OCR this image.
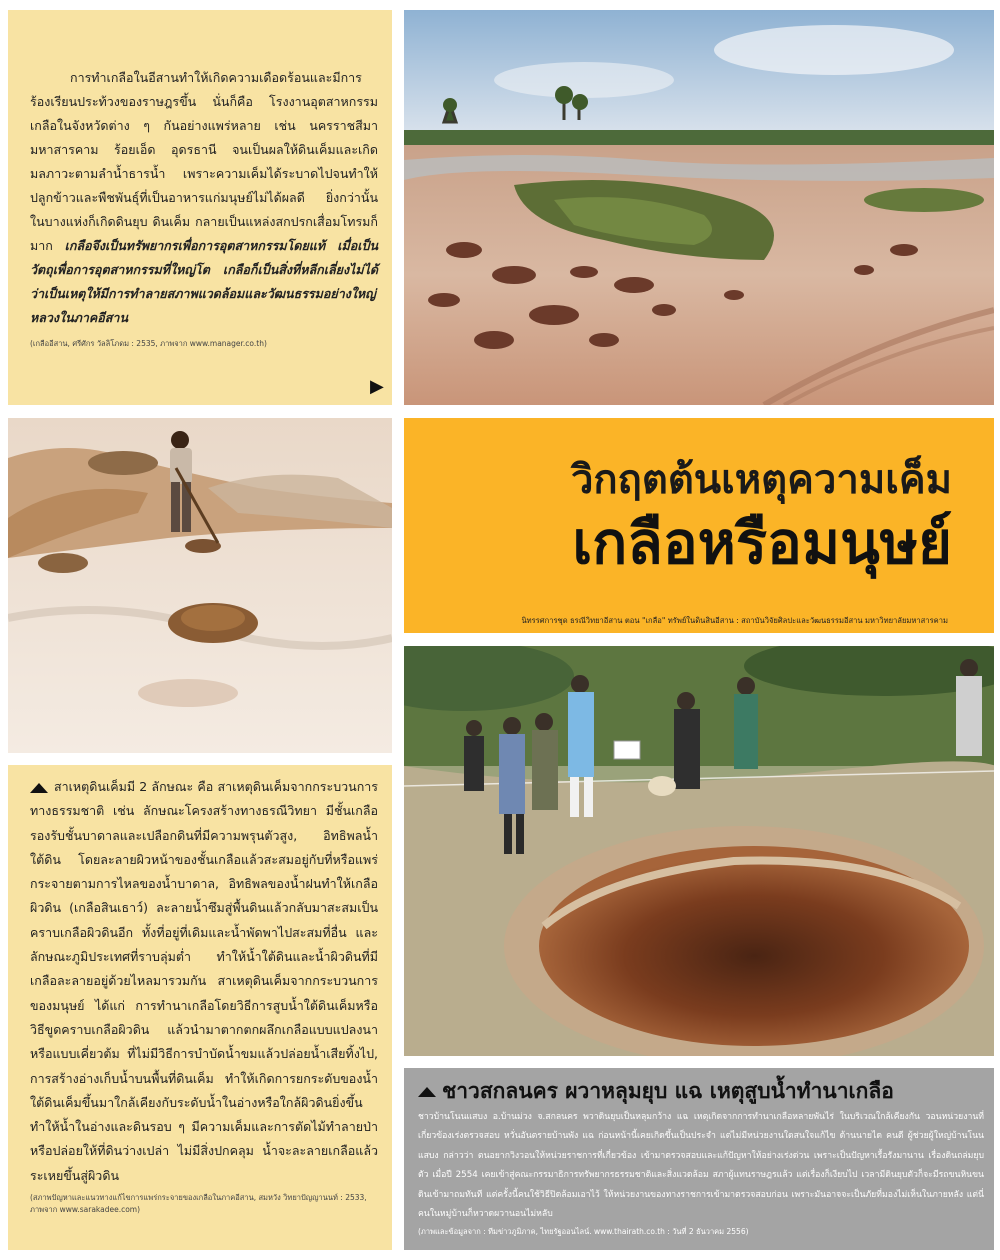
การทำเกลือในอีสานทำให้เกิดความเดือดร้อนและมีการร้องเรียนประท้วงของราษฎรขึ้น นั่นก็คือ โรงงานอุตสาหกรรมเกลือในจังหวัดต่าง ๆ กันอย่างแพร่หลาย เช่น นครราชสีมา มหาสารคาม ร้อยเอ็ด อุดรธานี จนเป็นผลให้ดินเค็มและเกิดมลภาวะตามลำน้ำธารน้ำ เพราะความเค็มได้ระบาดไปจนทำให้ปลูกข้าวและพืชพันธุ์ที่เป็นอาหารแก่มนุษย์ไม่ได้ผลดี ยิ่งกว่านั้น ในบางแห่งก็เกิดดินยุบ ดินเค็ม กลายเป็นแหล่งสกปรกเสื่อมโทรมก็มาก เกลือจึงเป็นทรัพยากรเพื่อการอุตสาหกรรมโดยแท้ เมื่อเป็นวัตถุเพื่อการอุตสาหกรรมที่ใหญ่โต เกลือก็เป็นสิ่งที่หลีกเลี่ยงไม่ได้ว่าเป็นเหตุให้มีการทำลายสภาพแวดล้อมและวัฒนธรรมอย่างใหญ่หลวงในภาคอีสาน

(เกลืออีสาน, ศรีศักร วัลลิโภดม : 2535, ภาพจาก www.manager.co.th)
▶
วิกฤตต้นเหตุความเค็ม
เกลือหรือมนุษย์
นิทรรศการชุด ธรณีวิทยาอีสาน ตอน "เกลือ" ทรัพย์ในดินสินอีสาน : สถาบันวิจัยศิลปะและวัฒนธรรมอีสาน มหาวิทยาลัยมหาสารคาม

สาเหตุดินเค็มมี 2 ลักษณะ คือ สาเหตุดินเค็มจากกระบวนการทางธรรมชาติ เช่น ลักษณะโครงสร้างทางธรณีวิทยา มีชั้นเกลือรองรับชั้นบาดาลและเปลือกดินที่มีความพรุนตัวสูง, อิทธิพลน้ำใต้ดิน โดยละลายผิวหน้าของชั้นเกลือแล้วสะสมอยู่กับที่หรือแพร่กระจายตามการไหลของน้ำบาดาล, อิทธิพลของน้ำฝนทำให้เกลือผิวดิน (เกลือสินเธาว์) ละลายน้ำซึมสู่พื้นดินแล้วกลับมาสะสมเป็นคราบเกลือผิวดินอีก ทั้งที่อยู่ที่เดิมและน้ำพัดพาไปสะสมที่อื่น และลักษณะภูมิประเทศที่ราบลุ่มต่ำ ทำให้น้ำใต้ดินและน้ำผิวดินที่มีเกลือละลายอยู่ด้วยไหลมารวมกัน สาเหตุดินเค็มจากกระบวนการของมนุษย์ ได้แก่ การทำนาเกลือโดยวิธีการสูบน้ำใต้ดินเค็มหรือวิธีขูดคราบเกลือผิวดิน แล้วนำมาตากตกผลึกเกลือแบบแปลงนาหรือแบบเคี่ยวต้ม ที่ไม่มีวิธีการบำบัดน้ำขมแล้วปล่อยน้ำเสียทิ้งไป, การสร้างอ่างเก็บน้ำบนพื้นที่ดินเค็ม ทำให้เกิดการยกระดับของน้ำใต้ดินเค็มขึ้นมาใกล้เคียงกับระดับน้ำในอ่างหรือใกล้ผิวดินยิ่งขึ้น ทำให้น้ำในอ่างและดินรอบ ๆ มีความเค็มและการตัดไม้ทำลายป่าหรือปล่อยให้ที่ดินว่างเปล่า ไม่มีสิ่งปกคลุม น้ำจะละลายเกลือแล้วระเหยขึ้นสู่ผิวดิน

(สภาพปัญหาและแนวทางแก้ไขการแพร่กระจายของเกลือในภาคอีสาน, สมหวัง วิทยาปัญญานนท์ : 2533, ภาพจาก www.sarakadee.com)
ชาวสกลนคร ผวาหลุมยุบ แฉ เหตุสูบน้ำทำนาเกลือ

ชาวบ้านโนนแสบง อ.บ้านม่วง จ.สกลนคร พวาดินยุบเป็นหลุมกว้าง แฉ เหตุเกิดจากการทำนาเกลือหลายพันไร่ ในบริเวณใกล้เคียงกัน วอนหน่วยงานที่เกี่ยวข้องเร่งตรวจสอบ หวั่นอันตรายบ้านพัง แฉ ก่อนหน้านี้เคยเกิดขึ้นเป็นประจำ แต่ไม่มีหน่วยงานใดสนใจแก้ไข ด้านนายได คนดี ผู้ช่วยผู้ใหญ่บ้านโนนแสบง กล่าวว่า ตนอยากวิงวอนให้หน่วยราชการที่เกี่ยวข้อง เข้ามาตรวจสอบและแก้ปัญหาให้อย่างเร่งด่วน เพราะเป็นปัญหาเรื้อรังมานาน เรื่องดินถล่มยุบตัว เมื่อปี 2554 เคยเข้าสู่คณะกรรมาธิการทรัพยากรธรรมชาติและสิ่งแวดล้อม สภาผู้แทนราษฎรแล้ว แต่เรื่องก็เงียบไป เวลามีดินยุบตัวก็จะมีรถขนหินขนดินเข้ามาถมทันที แต่ครั้งนี้คนใช้วิธีปิดล้อมเอาไว้ ให้หน่วยงานของทางราชการเข้ามาตรวจสอบก่อน เพราะมันอาจจะเป็นภัยที่มองไม่เห็นในภายหลัง แต่นี่คนในหมู่บ้านก็หวาดผวานอนไม่หลับ

(ภาพและข้อมูลจาก : ทีมข่าวภูมิภาค, ไทยรัฐออนไลน์. www.thairath.co.th : วันที่ 2 ธันวาคม 2556)
